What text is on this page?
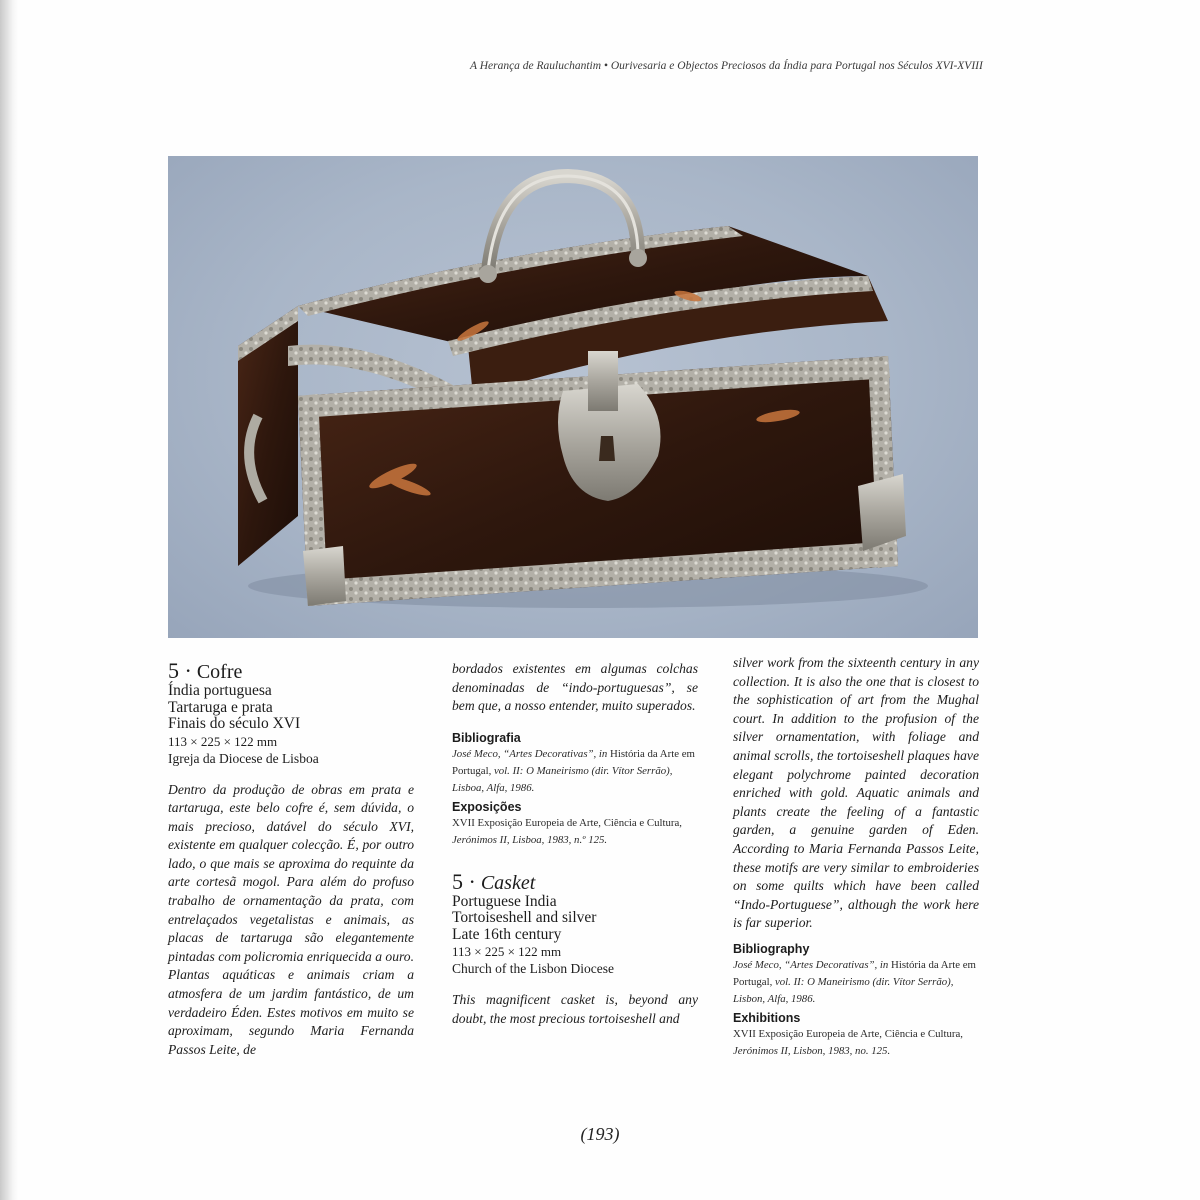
A Herança de Rauluchantim • Ourivesaria e Objectos Preciosos da Índia para Portugal nos Séculos XVI-XVIII
5 · Cofre
Índia portuguesa
Tartaruga e prata
Finais do século XVI
113 × 225 × 122 mm
Igreja da Diocese de Lisboa
Dentro da produção de obras em prata e tartaruga, este belo cofre é, sem dúvida, o mais precioso, datável do século XVI, existente em qualquer colecção. É, por outro lado, o que mais se aproxima do requinte da arte cortesã mogol. Para além do profuso trabalho de ornamentação da prata, com entrelaçados vegetalistas e animais, as placas de tartaruga são elegantemente pintadas com policromia enriquecida a ouro. Plantas aquáticas e animais criam a atmosfera de um jardim fantástico, de um verdadeiro Éden. Estes motivos em muito se aproximam, segundo Maria Fernanda Passos Leite, de
bordados existentes em algumas colchas denominadas de “indo-portuguesas”, se bem que, a nosso entender, muito superados.
Bibliografia
José Meco, “Artes Decorativas”, in História da Arte em Portugal, vol. II: O Maneirismo (dir. Vítor Serrão), Lisboa, Alfa, 1986.
Exposições
XVII Exposição Europeia de Arte, Ciência e Cultura, Jerónimos II, Lisboa, 1983, n.º 125.
5 · Casket
Portuguese India
Tortoiseshell and silver
Late 16th century
113 × 225 × 122 mm
Church of the Lisbon Diocese
This magnificent casket is, beyond any doubt, the most precious tortoiseshell and
silver work from the sixteenth century in any collection. It is also the one that is closest to the sophistication of art from the Mughal court. In addition to the profusion of the silver ornamentation, with foliage and animal scrolls, the tortoiseshell plaques have elegant polychrome painted decoration enriched with gold. Aquatic animals and plants create the feeling of a fantastic garden, a genuine garden of Eden. According to Maria Fernanda Passos Leite, these motifs are very similar to embroideries on some quilts which have been called “Indo-Portuguese”, although the work here is far superior.
Bibliography
José Meco, “Artes Decorativas”, in História da Arte em Portugal, vol. II: O Maneirismo (dir. Vítor Serrão), Lisbon, Alfa, 1986.
Exhibitions
XVII Exposição Europeia de Arte, Ciência e Cultura, Jerónimos II, Lisbon, 1983, no. 125.
(193)
